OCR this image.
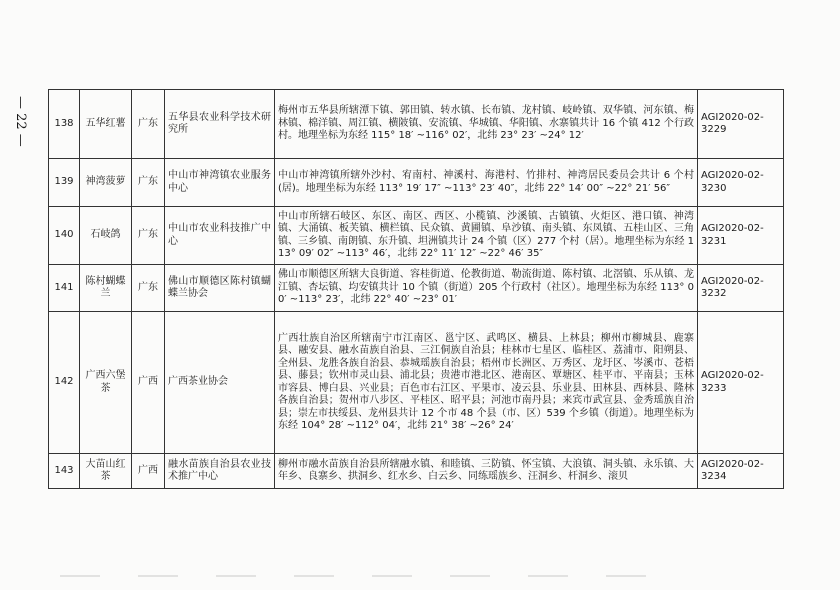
— 22 —	138	五华红薯	广东	五华县农业科学技术研究所	梅州市五华县所辖潭下镇、郭田镇、转水镇、长布镇、龙村镇、岐岭镇、双华镇、河东镇、梅林镇、棉洋镇、周江镇、横陂镇、安流镇、华城镇、华阳镇、水寨镇共计 16 个镇 412 个行政村。地理坐标为东经 115° 18′ ~116° 02′，北纬 23° 23′ ~24° 12′	AGI2020-02-3229
139	神湾菠萝	广东	中山市神湾镇农业服务中心	中山市神湾镇所辖外沙村、宥南村、神溪村、海港村、竹排村、神湾居民委员会共计 6 个村(居)。地理坐标为东经 113° 19′ 17″ ~113° 23′ 40″，北纬 22° 14′ 00″ ~22° 21′ 56″	AGI2020-02-3230
140	石岐鸽	广东	中山市农业科技推广中心	中山市所辖石岐区、东区、南区、西区、小榄镇、沙溪镇、古镇镇、火炬区、港口镇、神湾镇、大涌镇、板芙镇、横栏镇、民众镇、黄圃镇、阜沙镇、南头镇、东凤镇、五桂山区、三角镇、三乡镇、南朗镇、东升镇、坦洲镇共计 24 个镇（区）277 个村（居）。地理坐标为东经 113° 09′ 02″ ~113° 46′，北纬 22° 11′ 12″ ~22° 46′ 35″	AGI2020-02-3231
141	陈村蝴蝶兰	广东	佛山市顺德区陈村镇蝴蝶兰协会	佛山市顺德区所辖大良街道、容桂街道、伦教街道、勒流街道、陈村镇、北滘镇、乐从镇、龙江镇、杏坛镇、均安镇共计 10 个镇（街道）205 个行政村（社区）。地理坐标为东经 113° 00′ ~113° 23′，北纬 22° 40′ ~23° 01′	AGI2020-02-3232
142	广西六堡茶	广西	广西茶业协会	广西壮族自治区所辖南宁市江南区、邕宁区、武鸣区、横县、上林县；柳州市柳城县、鹿寨县、融安县、融水苗族自治县、三江侗族自治县；桂林市七星区、临桂区、荔浦市、阳朔县、全州县、龙胜各族自治县、恭城瑶族自治县；梧州市长洲区、万秀区、龙圩区、岑溪市、苍梧县、藤县；钦州市灵山县、浦北县；贵港市港北区、港南区、覃塘区、桂平市、平南县；玉林市容县、博白县、兴业县；百色市右江区、平果市、凌云县、乐业县、田林县、西林县、隆林各族自治县；贺州市八步区、平桂区、昭平县；河池市南丹县；来宾市武宣县、金秀瑶族自治县；崇左市扶绥县、龙州县共计 12 个市 48 个县（市、区）539 个乡镇（街道）。地理坐标为东经 104° 28′ ~112° 04′，北纬 21° 38′ ~26° 24′	AGI2020-02-3233
143	大苗山红茶	广西	融水苗族自治县农业技术推广中心	柳州市融水苗族自治县所辖融水镇、和睦镇、三防镇、怀宝镇、大浪镇、洞头镇、永乐镇、大年乡、良寨乡、拱洞乡、红水乡、白云乡、同练瑶族乡、汪洞乡、杆洞乡、滚贝	AGI2020-02-3234
